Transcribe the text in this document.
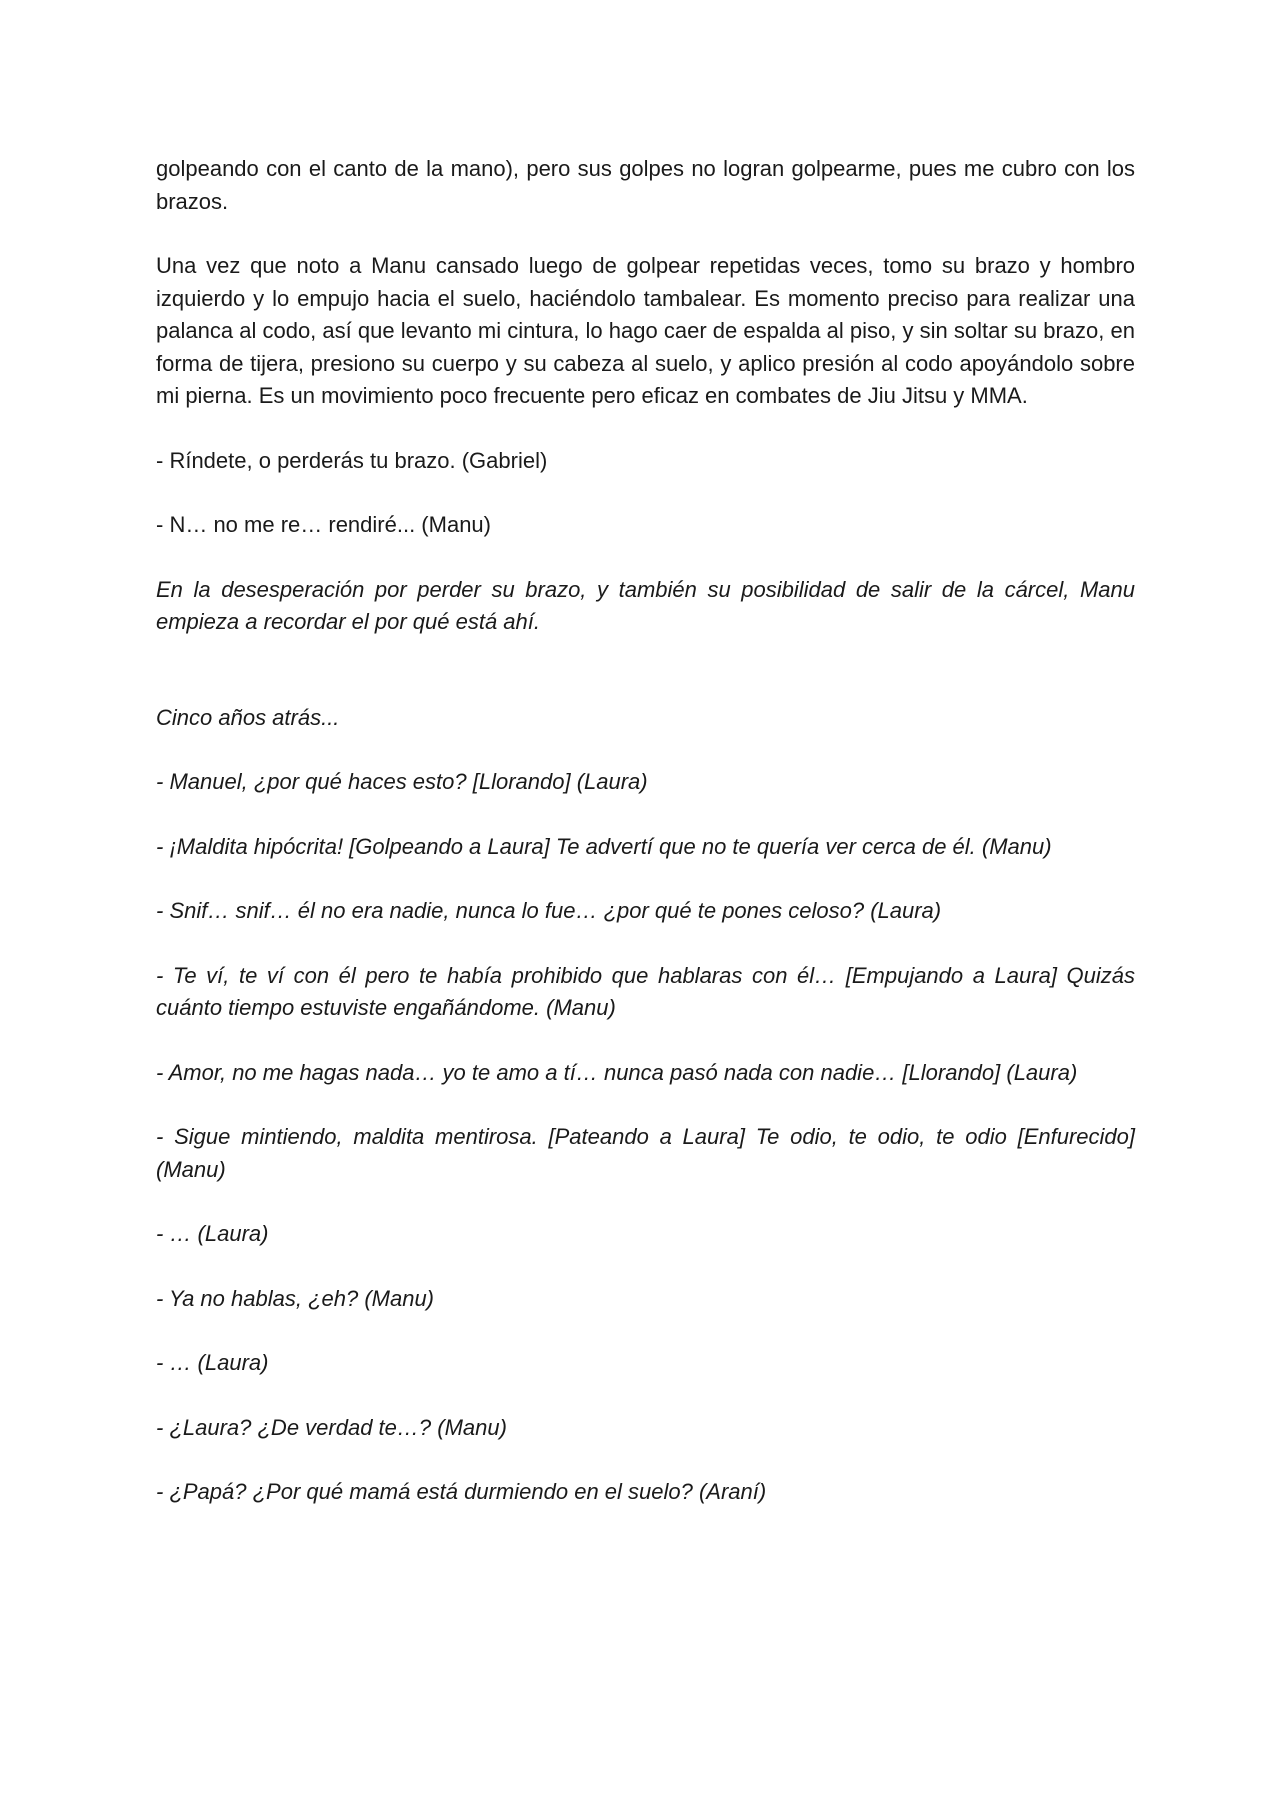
golpeando con el canto de la mano), pero sus golpes no logran golpearme, pues me cubro con los brazos.

Una vez que noto a Manu cansado luego de golpear repetidas veces, tomo su brazo y hombro izquierdo y lo empujo hacia el suelo, haciéndolo tambalear. Es momento preciso para realizar una palanca al codo, así que levanto mi cintura, lo hago caer de espalda al piso, y sin soltar su brazo, en forma de tijera, presiono su cuerpo y su cabeza al suelo, y aplico presión al codo apoyándolo sobre mi pierna. Es un movimiento poco frecuente pero eficaz en combates de Jiu Jitsu y MMA.

- Ríndete, o perderás tu brazo. (Gabriel)

- N… no me re… rendiré... (Manu)

En la desesperación por perder su brazo, y también su posibilidad de salir de la cárcel, Manu empieza a recordar el por qué está ahí.

Cinco años atrás...

- Manuel, ¿por qué haces esto? [Llorando] (Laura)

- ¡Maldita hipócrita! [Golpeando a Laura] Te advertí que no te quería ver cerca de él. (Manu)

- Snif… snif… él no era nadie, nunca lo fue… ¿por qué te pones celoso? (Laura)

- Te ví, te ví con él pero te había prohibido que hablaras con él… [Empujando a Laura] Quizás cuánto tiempo estuviste engañándome. (Manu)

- Amor, no me hagas nada… yo te amo a tí… nunca pasó nada con nadie… [Llorando] (Laura)

- Sigue mintiendo, maldita mentirosa. [Pateando a Laura] Te odio, te odio, te odio [Enfurecido] (Manu)

- … (Laura)

- Ya no hablas, ¿eh? (Manu)

- … (Laura)

- ¿Laura? ¿De verdad te…? (Manu)

- ¿Papá? ¿Por qué mamá está durmiendo en el suelo? (Araní)
